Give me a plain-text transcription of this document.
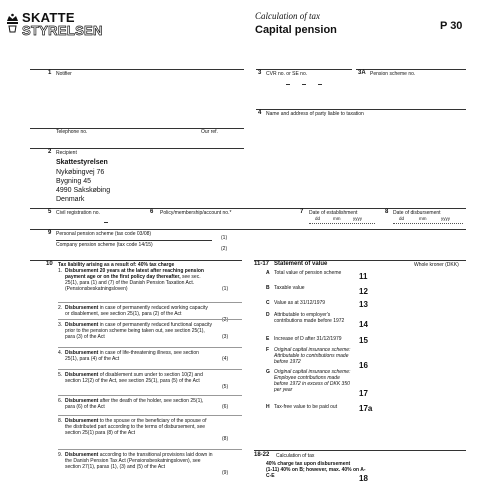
SKATTE
STYRELSEN
Calculation of tax
Capital pension	P 30
1 Notifier	3 CVR no. or SE no.	3A Pension scheme no.
4 Name and address of party liable to taxation
Telephone no.	Our ref.
2 Recipient
Skattestyrelsen
Nykøbingvej 76
Bygning 45
4990 Sakskøbing
Denmark
5 Civil registration no.	6 Policy/membership/account no.*	7 Date of establishment
dd	mm	yyyy
8 Date of disbursement
dd	mm	yyyy
9 Personal pension scheme (tax code 03/08)
(1)
Company pension scheme (tax code 14/15)
(2)
10 Tax liability arising as a result of: 40% tax charge
1. Disbursement 20 years at the latest after reaching pension payment age or on the first policy day thereafter, see sec. 25(1), para (1) and (7) of the Danish Pension Taxation Act. (Pensionsbeskatningsloven)	(1)
2. Disbursement in case of permanently reduced working capacity or disablement, see section 25(1), para (2) of the Act
(2)
3. Disbursement in case of permanently reduced functional capacity prior to the pension scheme being taken out, see section 25(1), para (3) of the Act	(3)
4. Disbursement in case of life-threatening illness, see section 25(1), para (4) of the Act	(4)
5. Disbursement of disablement sum under to section 10(2) and section 12(2) of the Act, see section 25(1), para (5) of the Act
(5)
6. Disbursement after the death of the holder, see section 25(1), para (6) of the Act	(6)
8. Disbursement to the spouse or the beneficiary of the spouse of the distributed part according to the terms of disbursement, see section 25(1) para (8) of the Act
(8)
9. Disbursement according to the transitional provisions laid down in the Danish Pension Tax Act (Pensionsbeskatningsloven), see section 27(1), paras (1), (3) and (5) of the Act
(9)
11-17 Statement of value	Whole kroner (DKK)
A Total value of pension scheme	11
B Taxable value	12
C Value as at 31/12/1979	13
D Attributable to employer's contributions made before 1972	14
E Increase of D after 31/12/1979	15
F Original capital insurance scheme: Attributable to contributions made before 1972	16
G Original capital insurance scheme: Employee contributions made before 1972 in excess of DKK 350 per year	17
H Tax-free value to be paid out	17a
18-22 Calculation of tax
40% charge tax upon disbursement
(1-11) 40% on B; however, max. 40% on A-C-E	18
